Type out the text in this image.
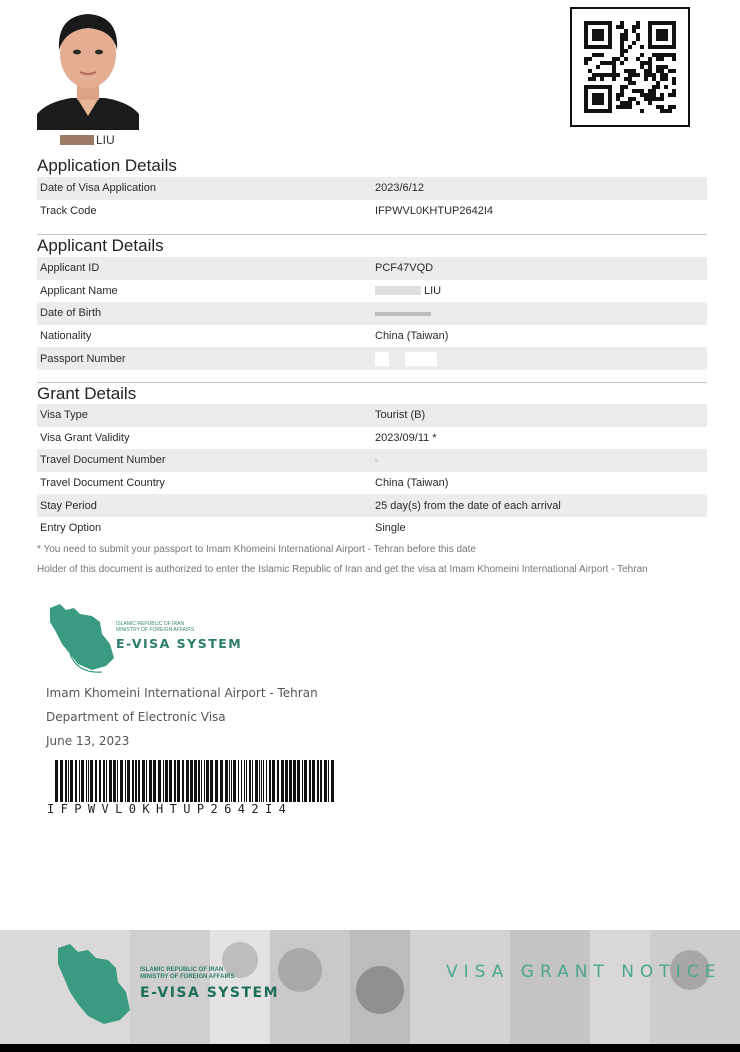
LIU
Application Details
Date of Visa Application	2023/6/12
Track Code	IFPWVL0KHTUP2642I4
Applicant Details
Applicant ID	PCF47VQD
Applicant Name	LIU
Date of Birth
Nationality	China (Taiwan)
Passport Number
Grant Details
Visa Type	Tourist (B)
Visa Grant Validity	2023/09/11 *
Travel Document Number
Travel Document Country	China (Taiwan)
Stay Period	25 day(s) from the date of each arrival
Entry Option	Single
* You need to submit your passport to Imam Khomeini International Airport - Tehran before this date
Holder of this document is authorized to enter the Islamic Republic of Iran and get the visa at Imam Khomeini International Airport - Tehran
ISLAMIC REPUBLIC OF IRAN
MINISTRY OF FOREIGN AFFAIRS
E-VISA SYSTEM
Imam Khomeini International Airport - Tehran
Department of Electronic Visa
June 13, 2023
IFPWVL0KHTUP2642I4
ISLAMIC REPUBLIC OF IRAN
MINISTRY OF FOREIGN AFFAIRS
E-VISA SYSTEM
VISA GRANT NOTICE
